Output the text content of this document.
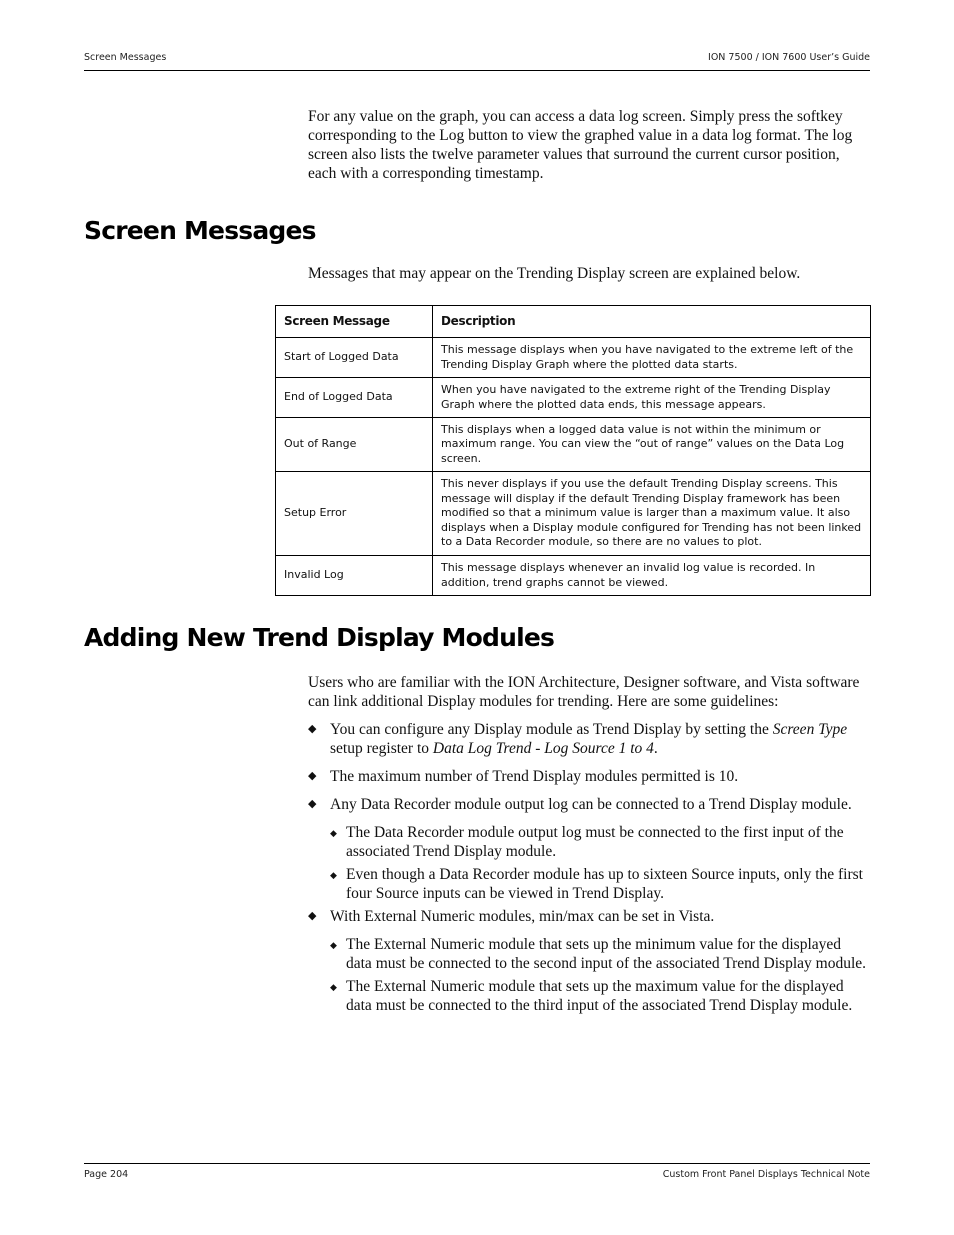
Screen Messages	ION 7500 / ION 7600 User’s Guide

For any value on the graph, you can access a data log screen. Simply press the softkey corresponding to the Log button to view the graphed value in a data log format. The log screen also lists the twelve parameter values that surround the current cursor position, each with a corresponding timestamp.

Screen Messages

Messages that may appear on the Trending Display screen are explained below.

Screen Message	Description
Start of Logged Data	This message displays when you have navigated to the extreme left of the Trending Display Graph where the plotted data starts.
End of Logged Data	When you have navigated to the extreme right of the Trending Display Graph where the plotted data ends, this message appears.
Out of Range	This displays when a logged data value is not within the minimum or maximum range. You can view the “out of range” values on the Data Log screen.
Setup Error	This never displays if you use the default Trending Display screens. This message will display if the default Trending Display framework has been modified so that a minimum value is larger than a maximum value. It also displays when a Display module configured for Trending has not been linked to a Data Recorder module, so there are no values to plot.
Invalid Log	This message displays whenever an invalid log value is recorded. In addition, trend graphs cannot be viewed.
Adding New Trend Display Modules

Users who are familiar with the ION Architecture, Designer software, and Vista software can link additional Display modules for trending. Here are some guidelines:

◆ You can configure any Display module as Trend Display by setting the Screen Type setup register to Data Log Trend - Log Source 1 to 4.
◆ The maximum number of Trend Display modules permitted is 10.
◆ Any Data Recorder module output log can be connected to a Trend Display module.
◆ The Data Recorder module output log must be connected to the first input of the associated Trend Display module.
◆ Even though a Data Recorder module has up to sixteen Source inputs, only the first four Source inputs can be viewed in Trend Display.
◆ With External Numeric modules, min/max can be set in Vista.
◆ The External Numeric module that sets up the minimum value for the displayed data must be connected to the second input of the associated Trend Display module.
◆ The External Numeric module that sets up the maximum value for the displayed data must be connected to the third input of the associated Trend Display module.
Page 204	Custom Front Panel Displays Technical Note
